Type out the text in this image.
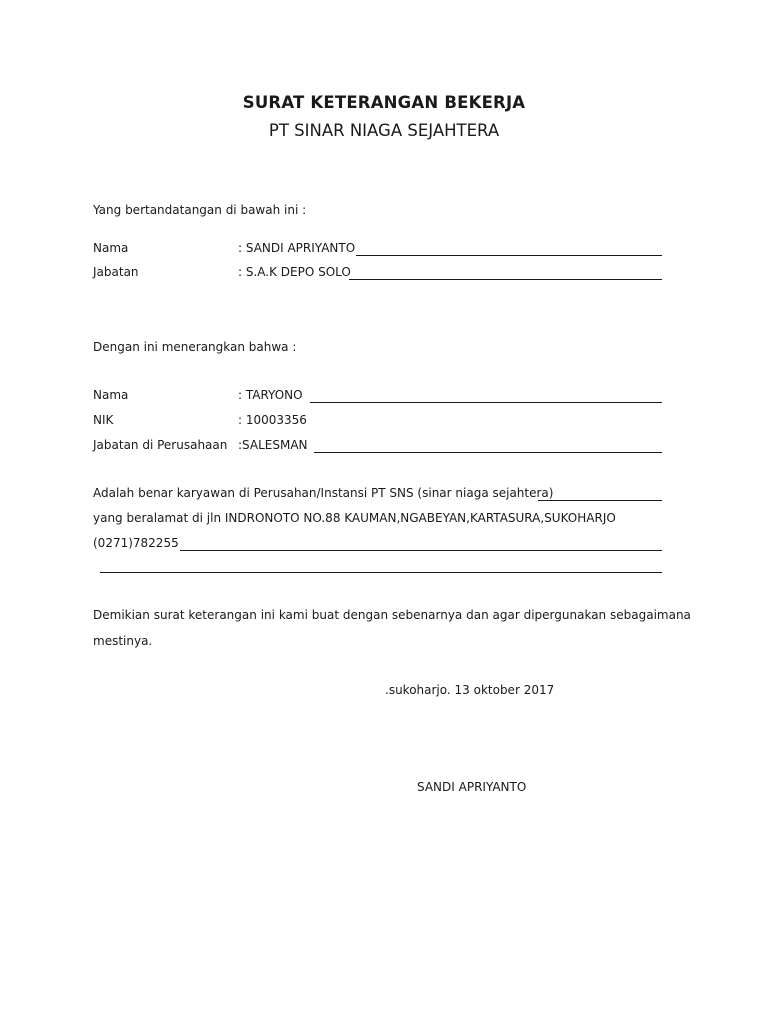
SURAT KETERANGAN BEKERJA
PT SINAR NIAGA SEJAHTERA
Yang bertandatangan di bawah ini :
Nama	: SANDI APRIYANTO
Jabatan	: S.A.K DEPO SOLO
Dengan ini menerangkan bahwa :
Nama	: TARYONO
NIK	: 10003356
Jabatan di Perusahaan :SALESMAN
Adalah benar karyawan di Perusahan/Instansi PT SNS (sinar niaga sejahtera)
yang beralamat di jln INDRONOTO NO.88 KAUMAN,NGABEYAN,KARTASURA,SUKOHARJO
(0271)782255
Demikian surat keterangan ini kami buat dengan sebenarnya dan agar dipergunakan sebagaimana
mestinya.
.sukoharjo. 13 oktober 2017
SANDI APRIYANTO
